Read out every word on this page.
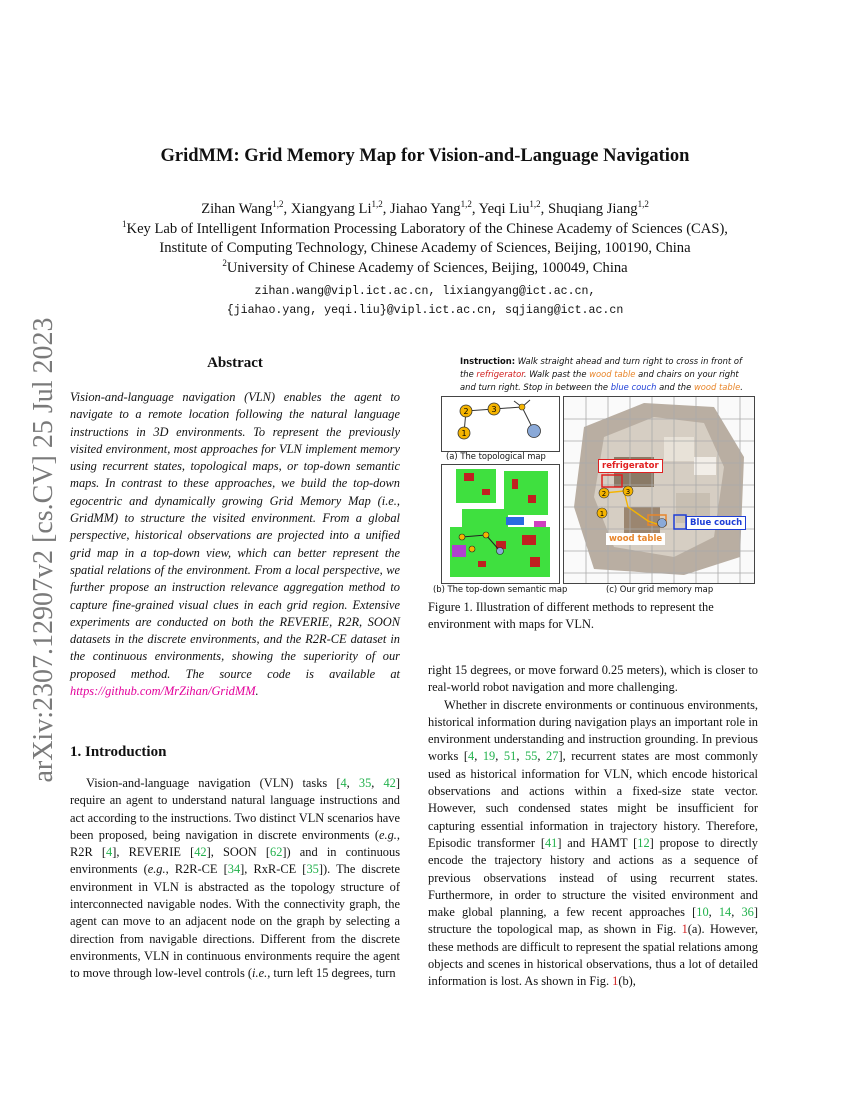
arXiv:2307.12907v2 [cs.CV] 25 Jul 2023
GridMM: Grid Memory Map for Vision-and-Language Navigation
Zihan Wang$^{1,2}$, Xiangyang Li$^{1,2}$, Jiahao Yang$^{1,2}$, Yeqi Liu$^{1,2}$, Shuqiang Jiang$^{1,2}$
$^1$Key Lab of Intelligent Information Processing Laboratory of the Chinese Academy of Sciences (CAS),
Institute of Computing Technology, Chinese Academy of Sciences, Beijing, 100190, China
$^2$University of Chinese Academy of Sciences, Beijing, 100049, China
zihan.wang@vipl.ict.ac.cn, lixiangyang@ict.ac.cn,
{jiahao.yang, yeqi.liu}@vipl.ict.ac.cn, sqjiang@ict.ac.cn
Abstract
Vision-and-language navigation (VLN) enables the agent to navigate to a remote location following the natural language instructions in 3D environments. To represent the previously visited environment, most approaches for VLN implement memory using recurrent states, topological maps, or top-down semantic maps. In contrast to these approaches, we build the top-down egocentric and dynamically growing Grid Memory Map (i.e., GridMM) to structure the visited environment. From a global perspective, historical observations are projected into a unified grid map in a top-down view, which can better represent the spatial relations of the environment. From a local perspective, we further propose an instruction relevance aggregation method to capture fine-grained visual clues in each grid region. Extensive experiments are conducted on both the REVERIE, R2R, SOON datasets in the discrete environments, and the R2R-CE dataset in the continuous environments, showing the superiority of our proposed method. The source code is available at https://github.com/MrZihan/GridMM.
1. Introduction
Vision-and-language navigation (VLN) tasks [4, 35, 42] require an agent to understand natural language instructions and act according to the instructions. Two distinct VLN scenarios have been proposed, being navigation in discrete environments (e.g., R2R [4], REVERIE [42], SOON [62]) and in continuous environments (e.g., R2R-CE [34], RxR-CE [35]). The discrete environment in VLN is abstracted as the topology structure of interconnected navigable nodes. With the connectivity graph, the agent can move to an adjacent node on the graph by selecting a direction from navigable directions. Different from the discrete environments, VLN in continuous environments require the agent to move through low-level controls (i.e., turn left 15 degrees, turn
Instruction: Walk straight ahead and turn right to cross in front of the refrigerator. Walk past the wood table and chairs on your right and turn right. Stop in between the blue couch and the wood table.
2	3
1
(a) The topological map
(b) The top-down semantic map
2	3
1
refrigerator
Blue couch
wood table
(c) Our grid memory map
Figure 1. Illustration of different methods to represent the environment with maps for VLN.

right 15 degrees, or move forward 0.25 meters), which is closer to real-world robot navigation and more challenging.

Whether in discrete environments or continuous environments, historical information during navigation plays an important role in environment understanding and instruction grounding. In previous works [4, 19, 51, 55, 27], recurrent states are most commonly used as historical information for VLN, which encode historical observations and actions within a fixed-size state vector. However, such condensed states might be insufficient for capturing essential information in trajectory history. Therefore, Episodic transformer [41] and HAMT [12] propose to directly encode the trajectory history and actions as a sequence of previous observations instead of using recurrent states. Furthermore, in order to structure the visited environment and make global planning, a few recent approaches [10, 14, 36] structure the topological map, as shown in Fig. 1(a). However, these methods are difficult to represent the spatial relations among objects and scenes in historical observations, thus a lot of detailed information is lost. As shown in Fig. 1(b),
